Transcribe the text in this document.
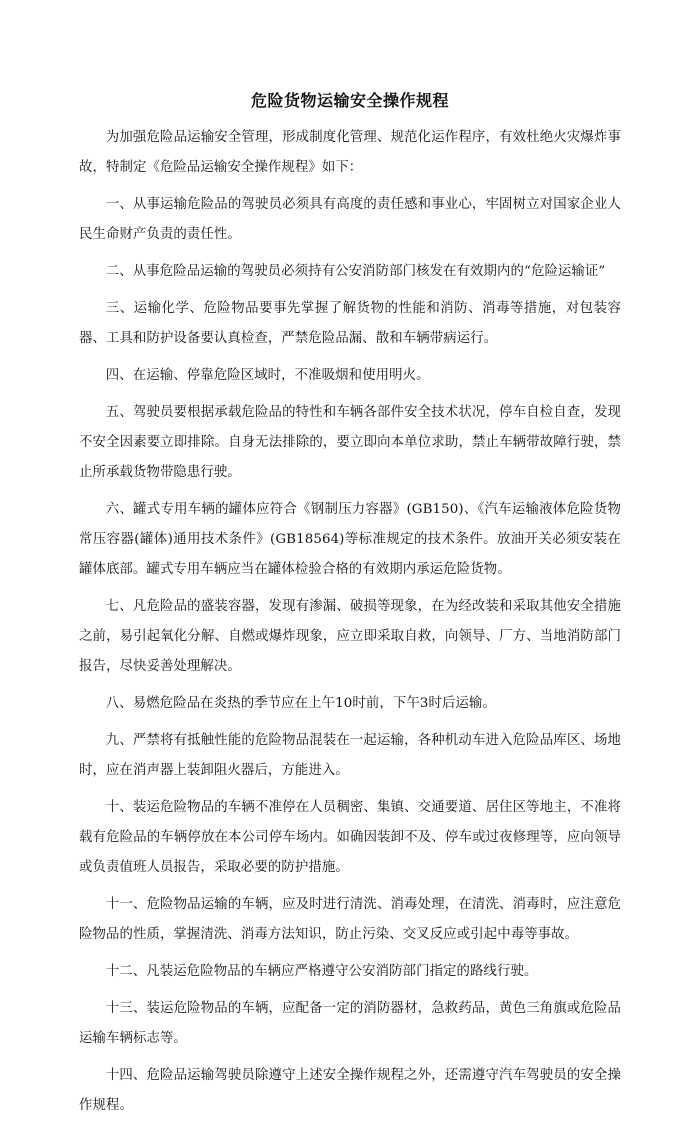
危险货物运输安全操作规程

为加强危险品运输安全管理，形成制度化管理、规范化运作程序，有效杜绝火灾爆炸事故，特制定《危险品运输安全操作规程》如下：

一、从事运输危险品的驾驶员必须具有高度的责任感和事业心，牢固树立对国家企业人民生命财产负责的责任性。

二、从事危险品运输的驾驶员必须持有公安消防部门核发在有效期内的“危险运输证”

三、运输化学、危险物品要事先掌握了解货物的性能和消防、消毒等措施，对包装容器、工具和防护设备要认真检查，严禁危险品漏、散和车辆带病运行。

四、在运输、停靠危险区域时，不准吸烟和使用明火。

五、驾驶员要根据承载危险品的特性和车辆各部件安全技术状况，停车自检自查，发现不安全因素要立即排除。自身无法排除的，要立即向本单位求助，禁止车辆带故障行驶，禁止所承载货物带隐患行驶。

六、罐式专用车辆的罐体应符合《钢制压力容器》(GB150)、《汽车运输液体危险货物常压容器(罐体)通用技术条件》(GB18564)等标准规定的技术条件。放油开关必须安装在罐体底部。罐式专用车辆应当在罐体检验合格的有效期内承运危险货物。

七、凡危险品的盛装容器，发现有渗漏、破损等现象，在为经改装和采取其他安全措施之前，易引起氧化分解、自燃或爆炸现象，应立即采取自救，向领导、厂方、当地消防部门报告，尽快妥善处理解决。

八、易燃危险品在炎热的季节应在上午10时前，下午3时后运输。

九、严禁将有抵触性能的危险物品混装在一起运输，各种机动车进入危险品库区、场地时，应在消声器上装卸阻火器后，方能进入。

十、装运危险物品的车辆不准停在人员稠密、集镇、交通要道、居住区等地主，不准将载有危险品的车辆停放在本公司停车场内。如确因装卸不及、停车或过夜修理等，应向领导或负责值班人员报告，采取必要的防护措施。

十一、危险物品运输的车辆，应及时进行清洗、消毒处理，在清洗、消毒时，应注意危险物品的性质，掌握清洗、消毒方法知识，防止污染、交叉反应或引起中毒等事故。

十二、凡装运危险物品的车辆应严格遵守公安消防部门指定的路线行驶。

十三、装运危险物品的车辆，应配备一定的消防器材，急救药品，黄色三角旗或危险品运输车辆标志等。

十四、危险品运输驾驶员除遵守上述安全操作规程之外，还需遵守汽车驾驶员的安全操作规程。
